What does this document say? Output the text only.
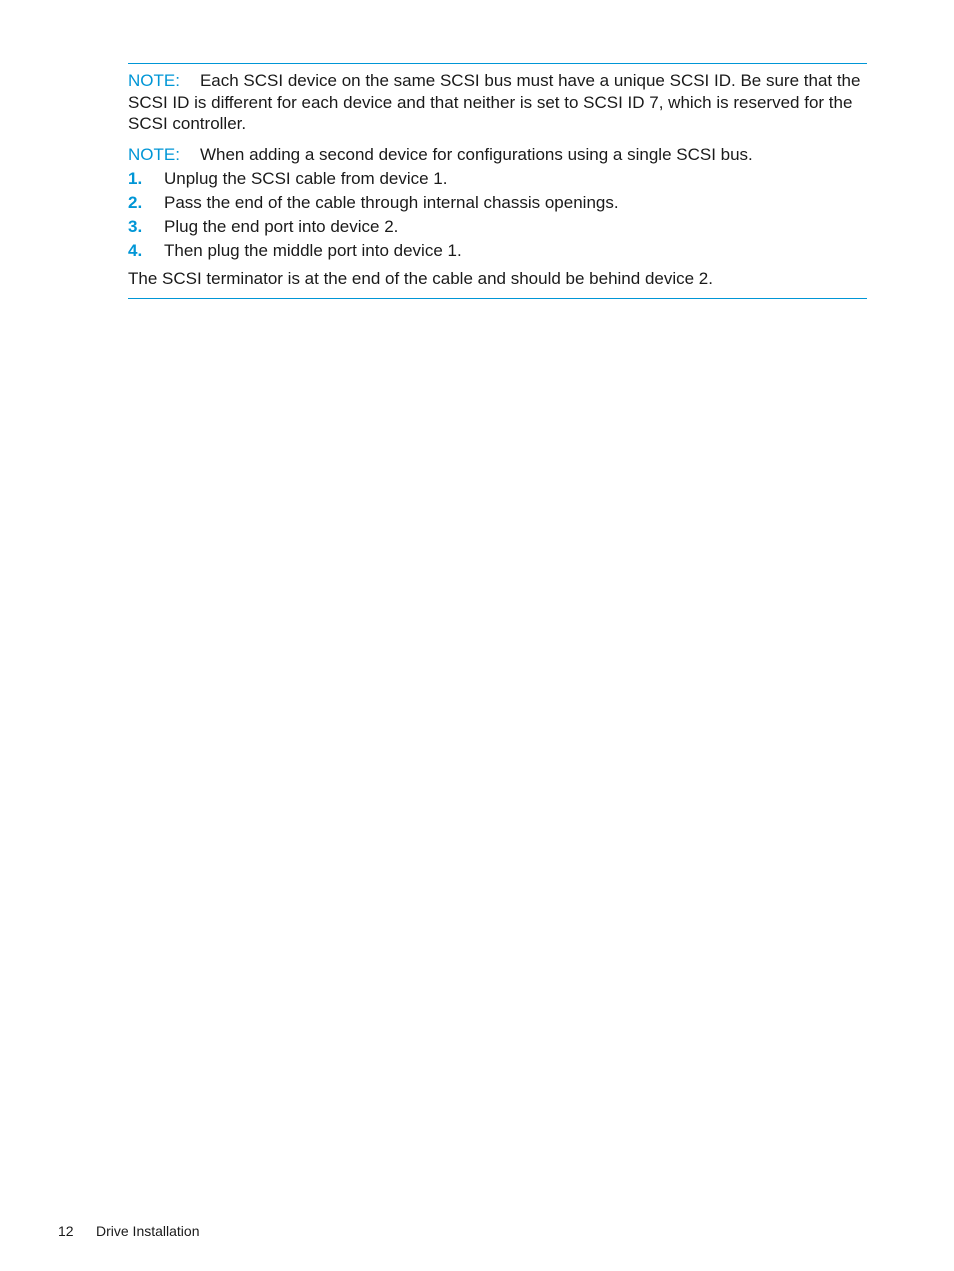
NOTE: Each SCSI device on the same SCSI bus must have a unique SCSI ID. Be sure that the SCSI ID is different for each device and that neither is set to SCSI ID 7, which is reserved for the SCSI controller.

NOTE: When adding a second device for configurations using a single SCSI bus.

1. Unplug the SCSI cable from device 1.
2. Pass the end of the cable through internal chassis openings.
3. Plug the end port into device 2.
4. Then plug the middle port into device 1.

The SCSI terminator is at the end of the cable and should be behind device 2.

12 Drive Installation
